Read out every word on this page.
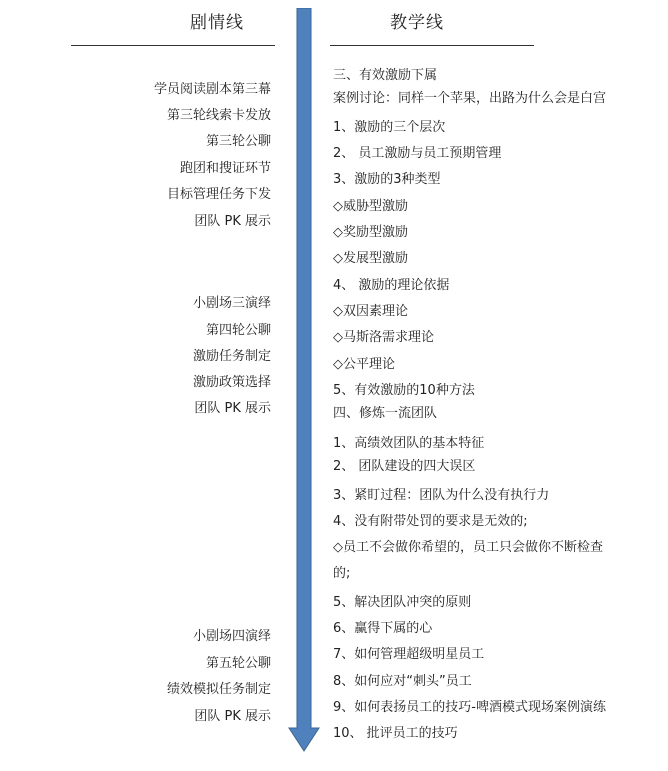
剧情线	教学线
学员阅读剧本第三幕
第三轮线索卡发放
第三轮公聊
跑团和搜证环节
目标管理任务下发
团队 PK 展示
小剧场三演绎
第四轮公聊
激励任务制定
激励政策选择
团队 PK 展示
小剧场四演绎
第五轮公聊
绩效模拟任务制定
团队 PK 展示
三、有效激励下属
案例讨论：同样一个苹果，出路为什么会是白宫
1、激励的三个层次
2、 员工激励与员工预期管理
3、激励的3种类型
◇威胁型激励
◇奖励型激励
◇发展型激励
4、 激励的理论依据
◇双因素理论
◇马斯洛需求理论
◇公平理论
5、有效激励的10种方法
四、修炼一流团队
1、高绩效团队的基本特征
2、 团队建设的四大误区
3、紧盯过程：团队为什么没有执行力
4、没有附带处罚的要求是无效的;
◇员工不会做你希望的，员工只会做你不断检查
的;
5、解决团队冲突的原则
6、赢得下属的心
7、如何管理超级明星员工
8、如何应对“刺头”员工
9、如何表扬员工的技巧-啤酒模式现场案例演练
10、 批评员工的技巧
